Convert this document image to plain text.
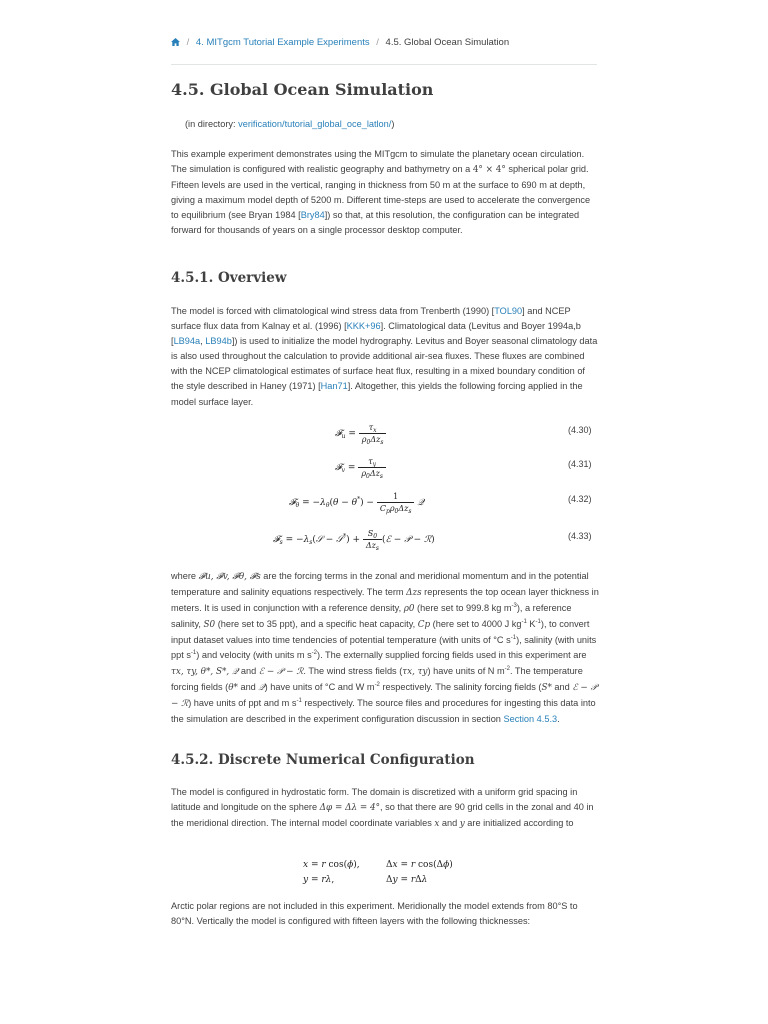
/ 4. MITgcm Tutorial Example Experiments / 4.5. Global Ocean Simulation
4.5. Global Ocean Simulation

(in directory: verification/tutorial_global_oce_latlon/)

This example experiment demonstrates using the MITgcm to simulate the planetary ocean circulation. The simulation is configured with realistic geography and bathymetry on a 4° × 4° spherical polar grid. Fifteen levels are used in the vertical, ranging in thickness from 50 m at the surface to 690 m at depth, giving a maximum model depth of 5200 m. Different time-steps are used to accelerate the convergence to equilibrium (see Bryan 1984 [Bry84]) so that, at this resolution, the configuration can be integrated forward for thousands of years on a single processor desktop computer.

4.5.1. Overview

The model is forced with climatological wind stress data from Trenberth (1990) [TOL90] and NCEP surface flux data from Kalnay et al. (1996) [KKK+96]. Climatological data (Levitus and Boyer 1994a,b [LB94a, LB94b]) is used to initialize the model hydrography. Levitus and Boyer seasonal climatology data is also used throughout the calculation to provide additional air-sea fluxes. These fluxes are combined with the NCEP climatological estimates of surface heat flux, resulting in a mixed boundary condition of the style described in Haney (1971) [Han71]. Altogether, this yields the following forcing applied in the model surface layer.

𝓕$_u$ = $\frac{\tau_x}{\rho_0\Delta z_s}$	(4.30)
𝓕$_v$ = $\frac{\tau_y}{\rho_0\Delta z_s}$	(4.31)
𝓕$_\theta$ = $-\lambda_\theta(\theta - \theta^*) - \frac{1}{C_p\rho_0\Delta z_s}$ 𝒬	(4.32)
𝓕$_s$ = $-\lambda_s(𝒮$ − 𝒮*) + $\frac{S_0}{\Delta z_s}$ (ℰ − 𝒫 − ℛ)	(4.33)

where 𝓕u, 𝓕v, 𝓕θ, 𝓕s are the forcing terms in the zonal and meridional momentum and in the potential temperature and salinity equations respectively. The term Δzs represents the top ocean layer thickness in meters. It is used in conjunction with a reference density, ρ0 (here set to 999.8 kg $m^{-3}$), a reference salinity, S0 (here set to 35 ppt), and a specific heat capacity, Cp (here set to 4000 J $kg^{-1}$ $K^{-1}$), to convert input dataset values into time tendencies of potential temperature (with units of °C $s^{-1}$), salinity (with units ppt $s^{-1}$) and velocity (with units m $s^{-2}$). The externally supplied forcing fields used in this experiment are τx, τy, θ*, S*, 𝒬 and ℰ − 𝒫 − ℛ. The wind stress fields (τx, τy) have units of N $m^{-2}$. The temperature forcing fields (θ* and 𝒬) have units of °C and W $m^{-2}$ respectively. The salinity forcing fields (S* and ℰ − 𝒫 − ℛ) have units of ppt and m $s^{-1}$ respectively. The source files and procedures for ingesting this data into the simulation are described in the experiment configuration discussion in section Section 4.5.3.

4.5.2. Discrete Numerical Configuration

The model is configured in hydrostatic form. The domain is discretized with a uniform grid spacing in latitude and longitude on the sphere Δφ = Δλ = 4°, so that there are 90 grid cells in the zonal and 40 in the meridional direction. The internal model coordinate variables x and y are initialized according to

x = r cos(ϕ),
y = rλ,
Δx = r cos(Δϕ)
Δy = rΔλ

Arctic polar regions are not included in this experiment. Meridionally the model extends from 80°S to 80°N. Vertically the model is configured with fifteen layers with the following thicknesses:
